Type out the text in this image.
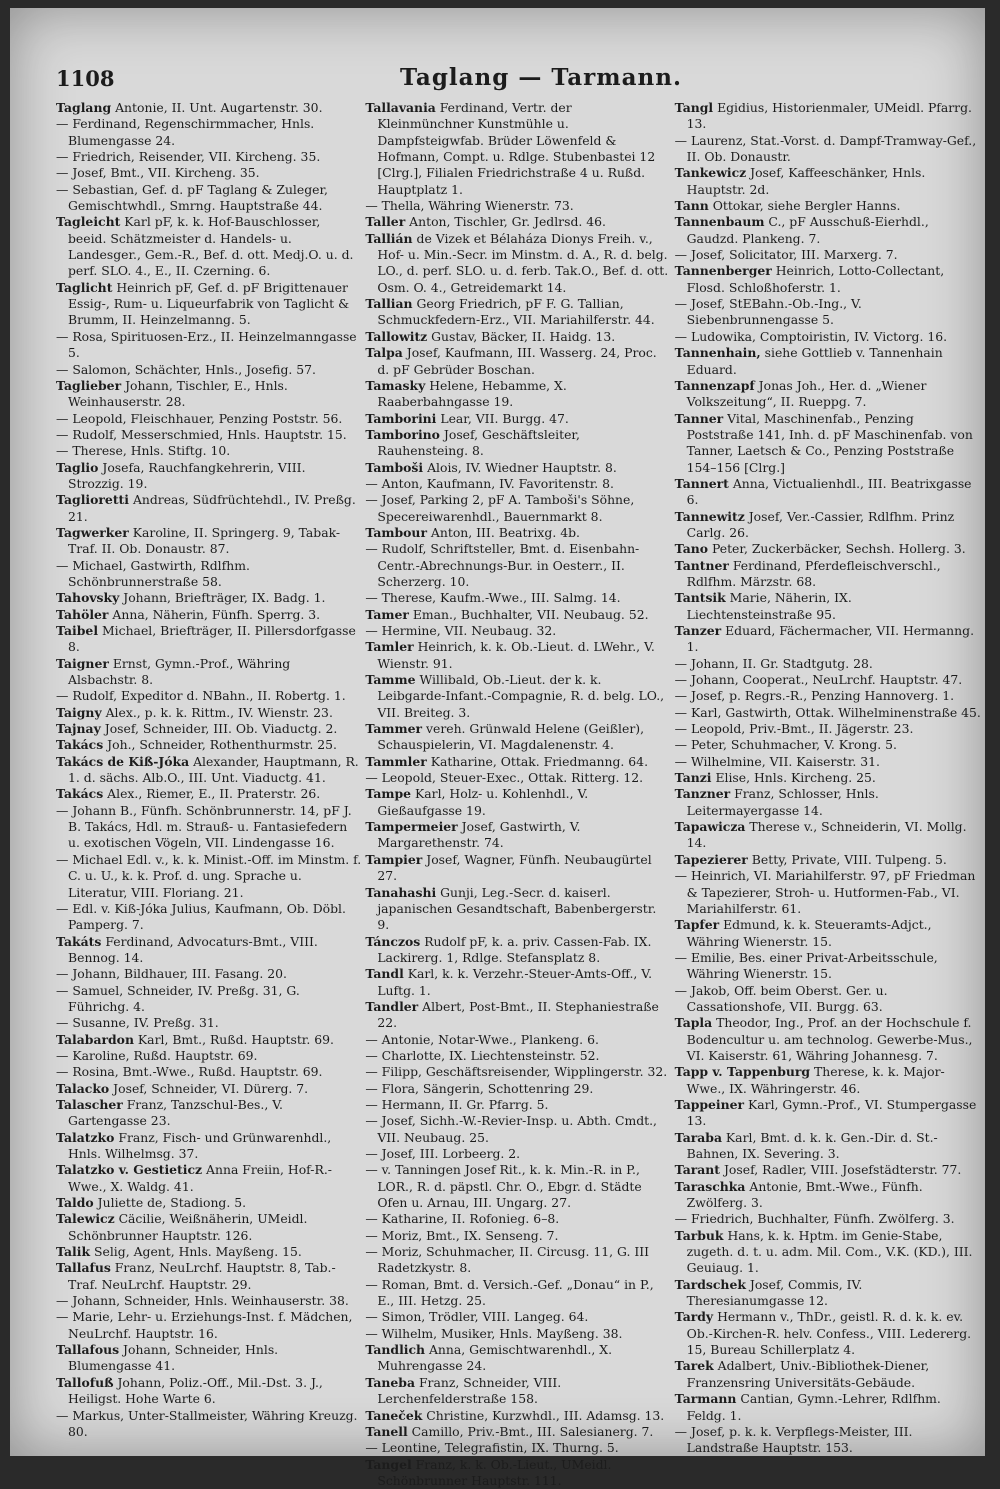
1108	Taglang — Tarmann.
Taglang Antonie, II. Unt. Augartenstr. 30.
— Ferdinand, Regenschirmmacher, Hnls. Blumengasse 24.
— Friedrich, Reisender, VII. Kircheng. 35.
— Josef, Bmt., VII. Kircheng. 35.
— Sebastian, Gef. d. pF Taglang & Zuleger, Gemischtwhdl., Smrng. Hauptstraße 44.
Tagleicht Karl pF, k. k. Hof-Bauschlosser, beeid. Schätzmeister d. Handels- u. Landesger., Gem.-R., Bef. d. ott. Medj.O. u. d. perf. SLO. 4., E., II. Czerning. 6.
Taglicht Heinrich pF, Gef. d. pF Brigittenauer Essig-, Rum- u. Liqueurfabrik von Taglicht & Brumm, II. Heinzelmanng. 5.
— Rosa, Spirituosen-Erz., II. Heinzelmanngasse 5.
— Salomon, Schächter, Hnls., Josefig. 57.
Taglieber Johann, Tischler, E., Hnls. Weinhauserstr. 28.
— Leopold, Fleischhauer, Penzing Poststr. 56.
— Rudolf, Messerschmied, Hnls. Hauptstr. 15.
— Therese, Hnls. Stiftg. 10.
Taglio Josefa, Rauchfangkehrerin, VIII. Strozzig. 19.
Taglioretti Andreas, Südfrüchtehdl., IV. Preßg. 21.
Tagwerker Karoline, II. Springerg. 9, Tabak-Traf. II. Ob. Donaustr. 87.
— Michael, Gastwirth, Rdlfhm. Schönbrunnerstraße 58.
Tahovsky Johann, Briefträger, IX. Badg. 1.
Tahöler Anna, Näherin, Fünfh. Sperrg. 3.
Taibel Michael, Briefträger, II. Pillersdorfgasse 8.
Taigner Ernst, Gymn.-Prof., Währing Alsbachstr. 8.
— Rudolf, Expeditor d. NBahn., II. Robertg. 1.
Taigny Alex., p. k. k. Rittm., IV. Wienstr. 23.
Tajnay Josef, Schneider, III. Ob. Viaductg. 2.
Takács Joh., Schneider, Rothenthurmstr. 25.
Takács de Kiß-Jóka Alexander, Hauptmann, R. 1. d. sächs. Alb.O., III. Unt. Viaductg. 41.
Takács Alex., Riemer, E., II. Praterstr. 26.
— Johann B., Fünfh. Schönbrunnerstr. 14, pF J. B. Takács, Hdl. m. Strauß- u. Fantasiefedern u. exotischen Vögeln, VII. Lindengasse 16.
— Michael Edl. v., k. k. Minist.-Off. im Minstm. f. C. u. U., k. k. Prof. d. ung. Sprache u. Literatur, VIII. Floriang. 21.
— Edl. v. Kiß-Jóka Julius, Kaufmann, Ob. Döbl. Pamperg. 7.
Takáts Ferdinand, Advocaturs-Bmt., VIII. Bennog. 14.
— Johann, Bildhauer, III. Fasang. 20.
— Samuel, Schneider, IV. Preßg. 31, G. Führichg. 4.
— Susanne, IV. Preßg. 31.
Talabardon Karl, Bmt., Rußd. Hauptstr. 69.
— Karoline, Rußd. Hauptstr. 69.
— Rosina, Bmt.-Wwe., Rußd. Hauptstr. 69.
Talacko Josef, Schneider, VI. Dürerg. 7.
Talascher Franz, Tanzschul-Bes., V. Gartengasse 23.
Talatzko Franz, Fisch- und Grünwarenhdl., Hnls. Wilhelmsg. 37.
Talatzko v. Gestieticz Anna Freiin, Hof-R.-Wwe., X. Waldg. 41.
Taldo Juliette de, Stadiong. 5.
Talewicz Cäcilie, Weißnäherin, UMeidl. Schönbrunner Hauptstr. 126.
Talik Selig, Agent, Hnls. Mayßeng. 15.
Tallafus Franz, NeuLrchf. Hauptstr. 8, Tab.-Traf. NeuLrchf. Hauptstr. 29.
— Johann, Schneider, Hnls. Weinhauserstr. 38.
— Marie, Lehr- u. Erziehungs-Inst. f. Mädchen, NeuLrchf. Hauptstr. 16.
Tallafous Johann, Schneider, Hnls. Blumengasse 41.
Tallofuß Johann, Poliz.-Off., Mil.-Dst. 3. J., Heiligst. Hohe Warte 6.
— Markus, Unter-Stallmeister, Währing Kreuzg. 80.
Tallavania Ferdinand, Vertr. der Kleinmünchner Kunstmühle u. Dampfsteigwfab. Brüder Löwenfeld & Hofmann, Compt. u. Rdlge. Stubenbastei 12 [Clrg.], Filialen Friedrichstraße 4 u. Rußd. Hauptplatz 1.
— Thella, Währing Wienerstr. 73.
Taller Anton, Tischler, Gr. Jedlrsd. 46.
Tallián de Vizek et Bélaháza Dionys Freih. v., Hof- u. Min.-Secr. im Minstm. d. A., R. d. belg. LO., d. perf. SLO. u. d. ferb. Tak.O., Bef. d. ott. Osm. O. 4., Getreidemarkt 14.
Tallian Georg Friedrich, pF F. G. Tallian, Schmuckfedern-Erz., VII. Mariahilferstr. 44.
Tallowitz Gustav, Bäcker, II. Haidg. 13.
Talpa Josef, Kaufmann, III. Wasserg. 24, Proc. d. pF Gebrüder Boschan.
Tamasky Helene, Hebamme, X. Raaberbahngasse 19.
Tamborini Lear, VII. Burgg. 47.
Tamborino Josef, Geschäftsleiter, Rauhensteing. 8.
Tamboši Alois, IV. Wiedner Hauptstr. 8.
— Anton, Kaufmann, IV. Favoritenstr. 8.
— Josef, Parking 2, pF A. Tamboši's Söhne, Specereiwarenhdl., Bauernmarkt 8.
Tambour Anton, III. Beatrixg. 4b.
— Rudolf, Schriftsteller, Bmt. d. Eisenbahn-Centr.-Abrechnungs-Bur. in Oesterr., II. Scherzerg. 10.
— Therese, Kaufm.-Wwe., III. Salmg. 14.
Tamer Eman., Buchhalter, VII. Neubaug. 52.
— Hermine, VII. Neubaug. 32.
Tamler Heinrich, k. k. Ob.-Lieut. d. LWehr., V. Wienstr. 91.
Tamme Willibald, Ob.-Lieut. der k. k. Leibgarde-Infant.-Compagnie, R. d. belg. LO., VII. Breiteg. 3.
Tammer vereh. Grünwald Helene (Geißler), Schauspielerin, VI. Magdalenenstr. 4.
Tammler Katharine, Ottak. Friedmanng. 64.
— Leopold, Steuer-Exec., Ottak. Ritterg. 12.
Tampe Karl, Holz- u. Kohlenhdl., V. Gießaufgasse 19.
Tampermeier Josef, Gastwirth, V. Margarethenstr. 74.
Tampier Josef, Wagner, Fünfh. Neubaugürtel 27.
Tanahashi Gunji, Leg.-Secr. d. kaiserl. japanischen Gesandtschaft, Babenbergerstr. 9.
Tánczos Rudolf pF, k. a. priv. Cassen-Fab. IX. Lackirerg. 1, Rdlge. Stefansplatz 8.
Tandl Karl, k. k. Verzehr.-Steuer-Amts-Off., V. Luftg. 1.
Tandler Albert, Post-Bmt., II. Stephaniestraße 22.
— Antonie, Notar-Wwe., Plankeng. 6.
— Charlotte, IX. Liechtensteinstr. 52.
— Filipp, Geschäftsreisender, Wipplingerstr. 32.
— Flora, Sängerin, Schottenring 29.
— Hermann, II. Gr. Pfarrg. 5.
— Josef, Sichh.-W.-Revier-Insp. u. Abth. Cmdt., VII. Neubaug. 25.
— Josef, III. Lorbeerg. 2.
— v. Tanningen Josef Rit., k. k. Min.-R. in P., LOR., R. d. päpstl. Chr. O., Ebgr. d. Städte Ofen u. Arnau, III. Ungarg. 27.
— Katharine, II. Rofonieg. 6–8.
— Moriz, Bmt., IX. Senseng. 7.
— Moriz, Schuhmacher, II. Circusg. 11, G. III Radetzkystr. 8.
— Roman, Bmt. d. Versich.-Gef. „Donau“ in P., E., III. Hetzg. 25.
— Simon, Trödler, VIII. Langeg. 64.
— Wilhelm, Musiker, Hnls. Mayßeng. 38.
Tandlich Anna, Gemischtwarenhdl., X. Muhrengasse 24.
Taneba Franz, Schneider, VIII. Lerchenfelderstraße 158.
Taneček Christine, Kurzwhdl., III. Adamsg. 13.
Tanell Camillo, Priv.-Bmt., III. Salesianerg. 7.
— Leontine, Telegrafistin, IX. Thurng. 5.
Tangel Franz, k. k. Ob.-Lieut., UMeidl. Schönbrunner Hauptstr. 111.
Tangl Egidius, Historienmaler, UMeidl. Pfarrg. 13.
— Laurenz, Stat.-Vorst. d. Dampf-Tramway-Gef., II. Ob. Donaustr.
Tankewicz Josef, Kaffeeschänker, Hnls. Hauptstr. 2d.
Tann Ottokar, siehe Bergler Hanns.
Tannenbaum C., pF Ausschuß-Eierhdl., Gaudzd. Plankeng. 7.
— Josef, Solicitator, III. Marxerg. 7.
Tannenberger Heinrich, Lotto-Collectant, Flosd. Schloßhoferstr. 1.
— Josef, StEBahn.-Ob.-Ing., V. Siebenbrunnengasse 5.
— Ludowika, Comptoiristin, IV. Victorg. 16.
Tannenhain, siehe Gottlieb v. Tannenhain Eduard.
Tannenzapf Jonas Joh., Her. d. „Wiener Volkszeitung“, II. Rueppg. 7.
Tanner Vital, Maschinenfab., Penzing Poststraße 141, Inh. d. pF Maschinenfab. von Tanner, Laetsch & Co., Penzing Poststraße 154–156 [Clrg.]
Tannert Anna, Victualienhdl., III. Beatrixgasse 6.
Tannewitz Josef, Ver.-Cassier, Rdlfhm. Prinz Carlg. 26.
Tano Peter, Zuckerbäcker, Sechsh. Hollerg. 3.
Tantner Ferdinand, Pferdefleischverschl., Rdlfhm. Märzstr. 68.
Tantsik Marie, Näherin, IX. Liechtensteinstraße 95.
Tanzer Eduard, Fächermacher, VII. Hermanng. 1.
— Johann, II. Gr. Stadtgutg. 28.
— Johann, Cooperat., NeuLrchf. Hauptstr. 47.
— Josef, p. Regrs.-R., Penzing Hannoverg. 1.
— Karl, Gastwirth, Ottak. Wilhelminenstraße 45.
— Leopold, Priv.-Bmt., II. Jägerstr. 23.
— Peter, Schuhmacher, V. Krong. 5.
— Wilhelmine, VII. Kaiserstr. 31.
Tanzi Elise, Hnls. Kircheng. 25.
Tanzner Franz, Schlosser, Hnls. Leitermayergasse 14.
Tapawicza Therese v., Schneiderin, VI. Mollg. 14.
Tapezierer Betty, Private, VIII. Tulpeng. 5.
— Heinrich, VI. Mariahilferstr. 97, pF Friedman & Tapezierer, Stroh- u. Hutformen-Fab., VI. Mariahilferstr. 61.
Tapfer Edmund, k. k. Steueramts-Adjct., Währing Wienerstr. 15.
— Emilie, Bes. einer Privat-Arbeitsschule, Währing Wienerstr. 15.
— Jakob, Off. beim Oberst. Ger. u. Cassationshofe, VII. Burgg. 63.
Tapla Theodor, Ing., Prof. an der Hochschule f. Bodencultur u. am technolog. Gewerbe-Mus., VI. Kaiserstr. 61, Währing Johannesg. 7.
Tapp v. Tappenburg Therese, k. k. Major-Wwe., IX. Währingerstr. 46.
Tappeiner Karl, Gymn.-Prof., VI. Stumpergasse 13.
Taraba Karl, Bmt. d. k. k. Gen.-Dir. d. St.-Bahnen, IX. Severing. 3.
Tarant Josef, Radler, VIII. Josefstädterstr. 77.
Taraschka Antonie, Bmt.-Wwe., Fünfh. Zwölferg. 3.
— Friedrich, Buchhalter, Fünfh. Zwölferg. 3.
Tarbuk Hans, k. k. Hptm. im Genie-Stabe, zugeth. d. t. u. adm. Mil. Com., V.K. (KD.), III. Geuiaug. 1.
Tardschek Josef, Commis, IV. Theresianumgasse 12.
Tardy Hermann v., ThDr., geistl. R. d. k. k. ev. Ob.-Kirchen-R. helv. Confess., VIII. Ledererg. 15, Bureau Schillerplatz 4.
Tarek Adalbert, Univ.-Bibliothek-Diener, Franzensring Universitäts-Gebäude.
Tarmann Cantian, Gymn.-Lehrer, Rdlfhm. Feldg. 1.
— Josef, p. k. k. Verpflegs-Meister, III. Landstraße Hauptstr. 153.
